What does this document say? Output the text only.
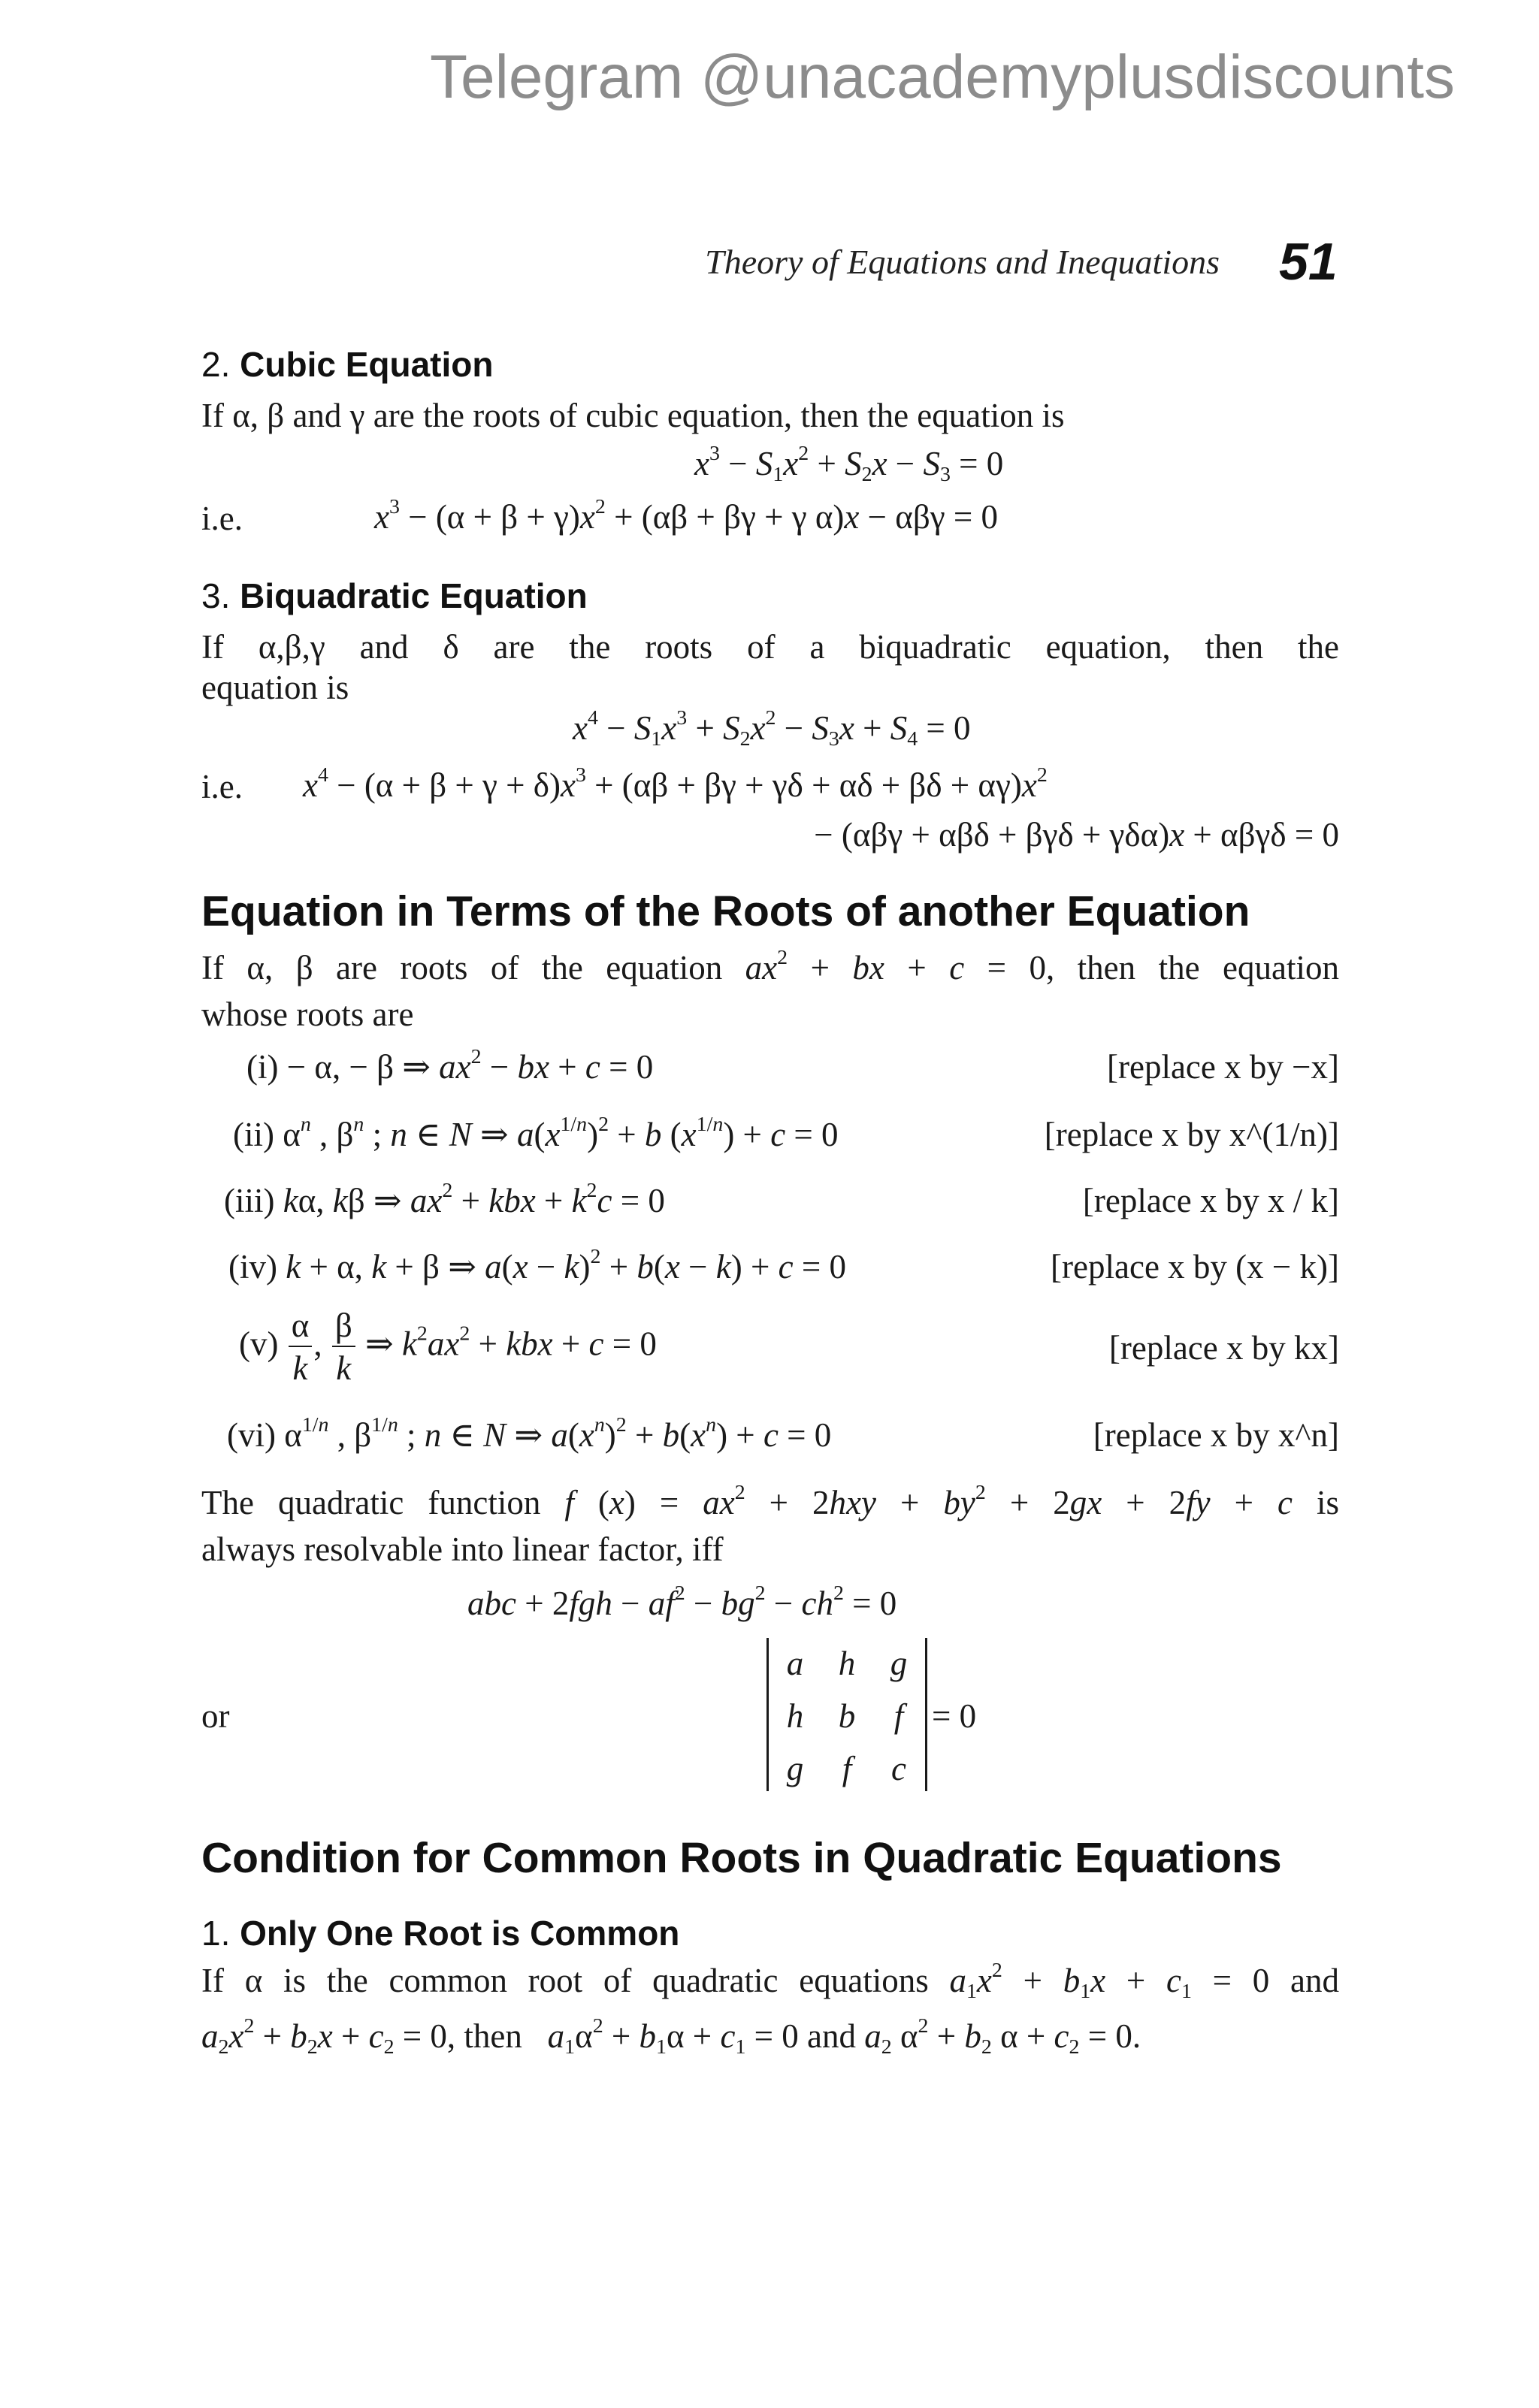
Telegram @unacademyplusdiscounts
Theory of Equations and Inequations 51
2. Cubic Equation
If α, β and γ are the roots of cubic equation, then the equation is
$x^3 - S_1x^2 + S_2x - S_3 = 0$
i.e.	$x^3 - (\alpha + \beta + \gamma)x^2 + (\alpha\beta + \beta\gamma + \gamma$ α)x − αβγ = 0
3. Biquadratic Equation
If α,β,γ and δ are the roots of a biquadratic equation, then the
equation is
$x^4 - S_1x^3 + S_2x^2 - S_3x + S_4 = 0$
i.e. $x^4 - (\alpha + \beta + \gamma + \delta)x^3 + (\alpha\beta + \beta\gamma + \gamma\delta + \alpha\delta + \beta\delta + \alpha\gamma)x^2$
− (αβγ + αβδ + βγδ + γδα)x + αβγδ = 0
Equation in Terms of the Roots of another Equation
If α, β are roots of the equation $ax^2$ + bx + c = 0, then the equation
whose roots are
(i) − α, − β ⇒ $ax^2$ − bx + c = 0	[replace x by −x]
(ii) $\alpha^n$ , $\beta^n$ ; n ∈ N ⇒ $a(x^{1/n})^2 + b$ $(x^{1/n}) + c = 0$	[replace x by x^(1/n)]
(iii) kα, kβ ⇒ $ax^2$ + kbx + $k^2c = 0$	[replace x by x / k]
(iv) k + α, k + β ⇒ $a(x - k)^2 + b(x - k) + c = 0$	[replace x by (x − k)]
$(v) \frac{\alpha}{k}$ , $\frac{\beta}{k}$ ⇒ $k^2ax^2$ + kbx + c = 0	[replace x by kx]
(vi) $\alpha^{1/n}$ , $\beta^{1/n}$ ; n ∈ N ⇒ $a(x^n)^2 + b(x^n) + c = 0$	[replace x by x^n]
The quadratic function f $(x) = ax^2 + 2hxy + by^2 + 2gx + 2fy + c$ is
always resolvable into linear factor, iff
abc + $2fgh - af^2 - bg^2 - ch^2 = 0$
or
a	h	g
h	b	f
g	f	c
= 0
Condition for Common Roots in Quadratic Equations
1. Only One Root is Common
If α is the common root of quadratic equations $a_1x^2 + b_1x + c_1 = 0$ and
$a_2x^2 + b_2x + c_2 = 0$, then   $a_1\alpha^2 + b_1\alpha + c_1 = 0$ and $a_2$ $\alpha^2 + b_2$ $\alpha + c_2 = 0$.
